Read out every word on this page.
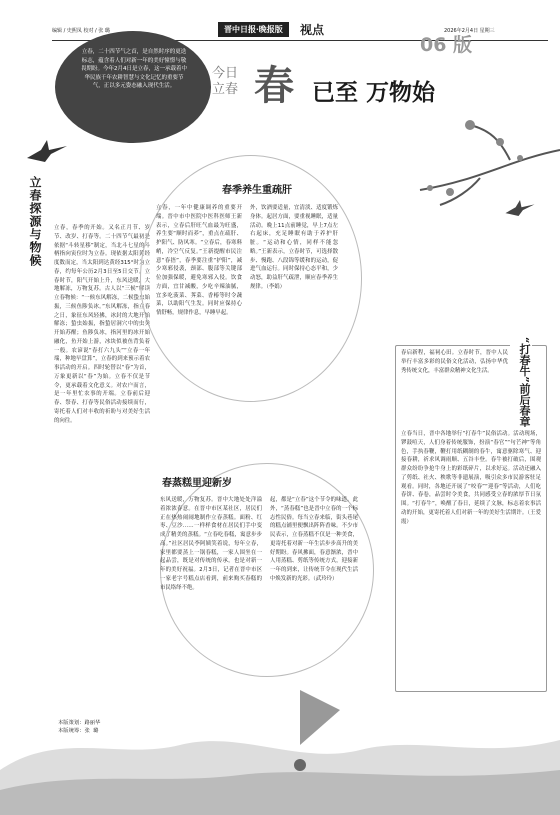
编辑 / 史熙凤 校对 / 张 璐	晋中日报·晚报版	视点	2026年2月4日 星期三
06 版
今日 立春 春 已至 万物始
立春，二十四节气之首，是自然时序的更迭标志，蕴含着人们对新一年的美好憧憬与敬畏期盼。今年2月4日是立春，这一承载着中华民族千年农耕智慧与文化记忆的重要节气，正以多元姿态融入现代生活。
立春探源与物候	立春，春季的开始。又名正月节、岁节、改岁、打春等。二十四节气最初是依据“斗转星移”制定，当北斗七星的斗柄指向寅位时为立春。现依据太阳黄经度数而定，当太阳到达黄经315°时为立春，约每年公历2月3日至5日交节。立春时节，阳气开始上升，东风送暖，大地解冻，万物复苏。古人以“三候”解读立春物候：“一候东风解冻，二候蛰虫始振，三候鱼陟负冰。”东风解冻，指立春之日，象征东风轻拂，冰封的大地开始解冻；蛰虫始振，指蛰居洞穴中的虫类开始苏醒；鱼陟负冰，指河里的冰开始融化，鱼开始上游，冰块似被鱼背负着一般。农谚说“春打六九头”“立春一年端，种地早盘算”，立春的到来预示着农事活动的开启。四时轮替以“春”为首，万象更新以“春”为始。立春不仅是节令，更承载着文化意义。对农户而言，是一年里忙农事的开端。立春前后迎春、祭春、打春等民俗活动接续而行，寄托着人们对丰收的祈盼与对美好生活的向往。
本版策划：路丽华
本版统筹：张  璐
春季养生重疏肝
立春，一年中健康调养的重要开端。晋中市中医院中医科医师王新表示，立春后肝旺气血最为旺盛，养生要“顺时而养”，重点在疏肝、护阳气、防风寒。“立春后，春寒料峭，冷空气反复。”王新提醒市民注意“春捂”，春季要注重“护阳”，减少寒邪侵袭，颈部、腹部等关键部位加强保暖，避免寒邪入侵。饮食方面，宜甘减酸，少吃辛辣油腻，宜多吃菠菜、荠菜、香椿等时令蔬菜，以助阳气生发。同时应保持心情舒畅，规律作息，早睡早起。
外，饮酒要适量，宜清淡、适度锻炼身体。起居方面，要重视睡眠，适量活动。晚上11点前睡觉，早上7点左右起床，充足睡眠有助于养护肝脏。“运动和心情，同样不能忽略。”王新表示，立春时节，可选择散步、慢跑、八段锦等缓和的运动，促进气血运行。同时保持心态平和，少动怒，助益肝气疏泄，顺应春季养生规律。（李娟）
“打春牛”前后春章
春启新程，福祠心田。立春时节，晋中人民举行丰富多彩的民俗文化活动，弘扬中华优秀传统文化，丰富群众精神文化生活。
立春当日，晋中各地举行“打春牛”民俗活动。活动现场，锣鼓喧天，人们身着传统服饰，扮演“春官”“句芒神”等角色，手执春鞭，鞭打用纸糊制的春牛，寓意驱除寒气、迎接春耕，祈求风调雨顺、五谷丰登。春牛被打破后，围观群众纷纷争抢牛身上的彩纸碎片，以求好运。活动还融入了剪纸、社火、秧歌等非遗展演，吸引众多市民游客驻足观看。同时，各地还开展了“咬春”“迎春”等活动，人们吃春饼、春卷，品尝时令美食，共同感受立春的浓厚节日氛围。“打春牛”，唤醒了春日，延续了文脉，标志着农事活动的开始，更寄托着人们对新一年的美好生活期许。（王爱霞）
春蒸糕里迎新岁
东风送暖，万物复苏。晋中大地处处洋溢着浓浓春意。在晋中市区某社区，居民们正在热热闹闹地制作立春蒸糕。面粉、红枣、豆沙……一样样食材在居民们手中变成了精美的蒸糕。“立春吃春糕，寓意步步高。”社区居民李阿姨笑着说，每年立春，家里都要蒸上一锅春糕，一家人围坐在一起品尝，既是对传统的传承，也是对新一年的美好祝福。2月3日，记者在晋中市区一家老字号糕点店看到，前来购买春糕的市民络绎不绝。
起，都是“立春”这个节令的味道。此外，“蒸春糕”也是晋中立春的一个标志性民俗。每当立春来临，街头巷尾的糕点铺里便飘出阵阵香味。不少市民表示，立春蒸糕不仅是一种美食，更寄托着对新一年生活步步高升的美好期盼。春风拂面，春意渐浓，晋中人用蒸糕、剪纸等传统方式，迎接新一年的到来，让传统节令在现代生活中焕发新的光彩。（武玲玲）
